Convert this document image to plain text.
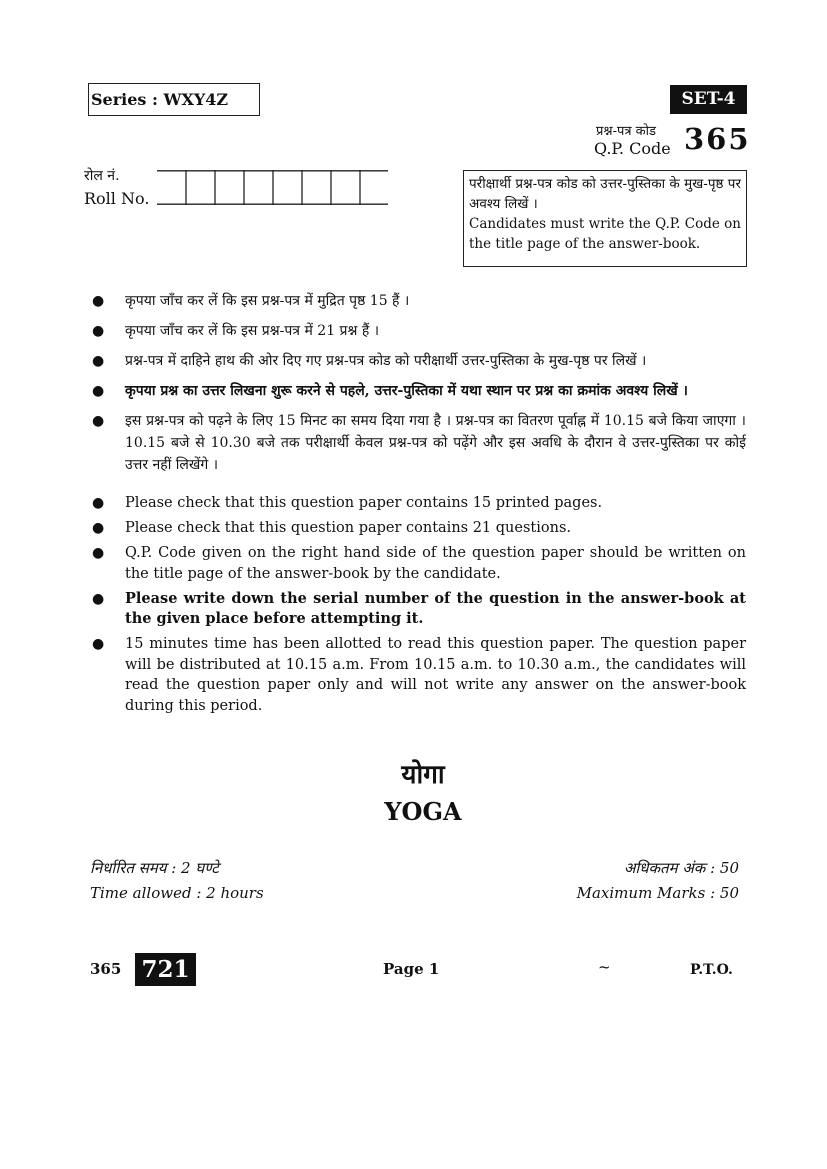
Series : WXY4Z	SET-4
प्रश्न-पत्र कोड
Q.P. Code 365
रोल नं.
Roll No.
परीक्षार्थी प्रश्न-पत्र कोड को उत्तर-पुस्तिका के मुख-पृष्ठ पर अवश्य लिखें ।
Candidates must write the Q.P. Code on the title page of the answer-book.
● कृपया जाँच कर लें कि इस प्रश्न-पत्र में मुद्रित पृष्ठ 15 हैं ।
● कृपया जाँच कर लें कि इस प्रश्न-पत्र में 21 प्रश्न हैं ।
● प्रश्न-पत्र में दाहिने हाथ की ओर दिए गए प्रश्न-पत्र कोड को परीक्षार्थी उत्तर-पुस्तिका के मुख-पृष्ठ पर लिखें ।
● कृपया प्रश्न का उत्तर लिखना शुरू करने से पहले, उत्तर-पुस्तिका में यथा स्थान पर प्रश्न का क्रमांक अवश्य लिखें ।
● इस प्रश्न-पत्र को पढ़ने के लिए 15 मिनट का समय दिया गया है । प्रश्न-पत्र का वितरण पूर्वाह्न में 10.15 बजे किया जाएगा । 10.15 बजे से 10.30 बजे तक परीक्षार्थी केवल प्रश्न-पत्र को पढ़ेंगे और इस अवधि के दौरान वे उत्तर-पुस्तिका पर कोई उत्तर नहीं लिखेंगे ।
● Please check that this question paper contains 15 printed pages.
● Please check that this question paper contains 21 questions.
● Q.P. Code given on the right hand side of the question paper should be written on the title page of the answer-book by the candidate.
● Please write down the serial number of the question in the answer-book at the given place before attempting it.
● 15 minutes time has been allotted to read this question paper. The question paper will be distributed at 10.15 a.m. From 10.15 a.m. to 10.30 a.m., the candidates will read the question paper only and will not write any answer on the answer-book during this period.
योगा
YOGA
निर्धारित समय : 2 घण्टे
Time allowed : 2 hours
अधिकतम अंक : 50
Maximum Marks : 50
365 721	Page 1	~	P.T.O.
